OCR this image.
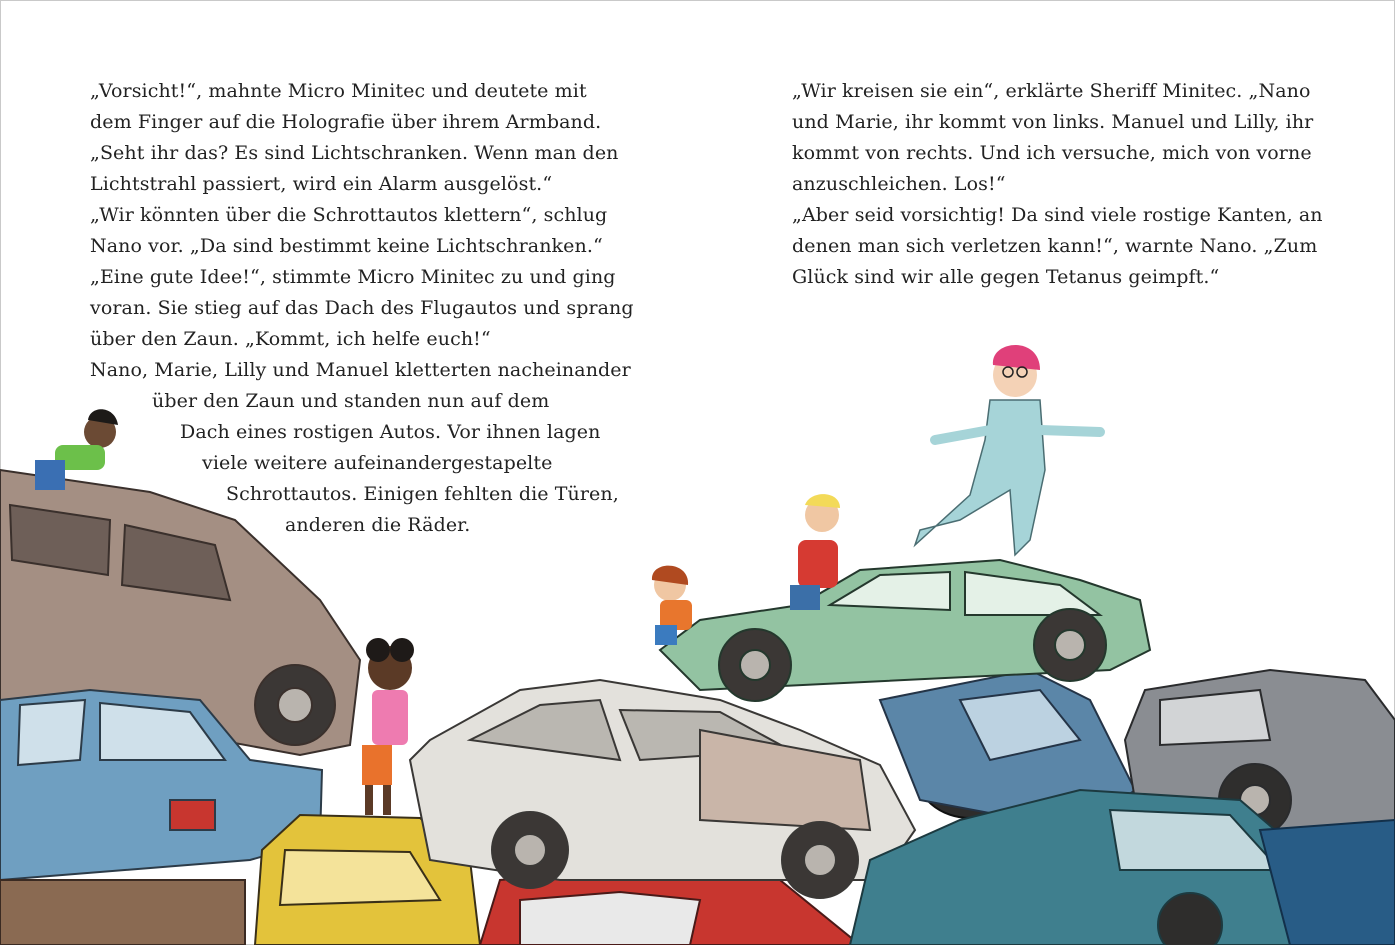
„Vorsicht!“, mahnte Micro Minitec und deutete mit
dem Finger auf die Holografie über ihrem Armband.
„Seht ihr das? Es sind Lichtschranken. Wenn man den
Lichtstrahl passiert, wird ein Alarm ausgelöst.“
„Wir könnten über die Schrottautos klettern“, schlug
Nano vor. „Da sind bestimmt keine Lichtschranken.“
„Eine gute Idee!“, stimmte Micro Minitec zu und ging
voran. Sie stieg auf das Dach des Flugautos und sprang
über den Zaun. „Kommt, ich helfe euch!“
Nano, Marie, Lilly und Manuel kletterten nacheinander
über den Zaun und standen nun auf dem
Dach eines rostigen Autos. Vor ihnen lagen
viele weitere aufeinandergestapelte
Schrottautos. Einigen fehlten die Türen,
anderen die Räder.
„Wir kreisen sie ein“, erklärte Sheriff Minitec. „Nano
und Marie, ihr kommt von links. Manuel und Lilly, ihr
kommt von rechts. Und ich versuche, mich von vorne
anzuschleichen. Los!“
„Aber seid vorsichtig! Da sind viele rostige Kanten, an
denen man sich verletzen kann!“, warnte Nano. „Zum
Glück sind wir alle gegen Tetanus geimpft.“
